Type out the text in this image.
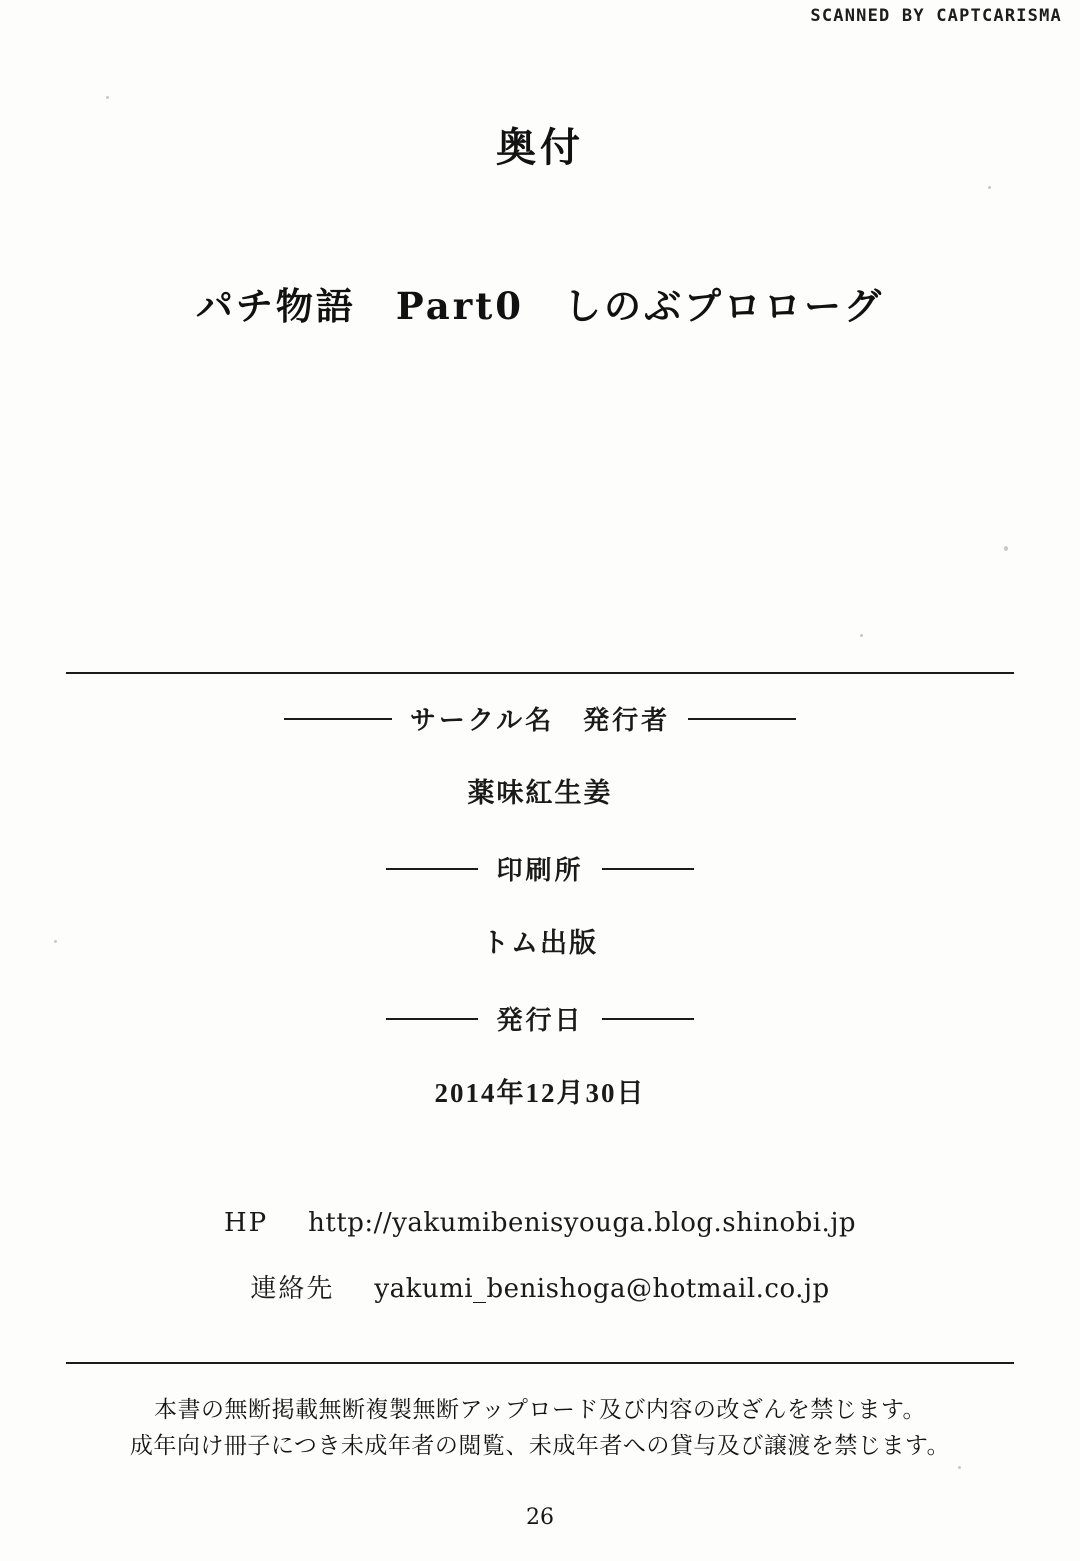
SCANNED BY CAPTCARISMA
奥付
パチ物語　Part0　しのぶプロローグ
サークル名　発行者
薬味紅生姜
印刷所
トム出版
発行日
2014年12月30日
HP http://yakumibenisyouga.blog.shinobi.jp
連絡先 yakumi_benishoga@hotmail.co.jp
本書の無断掲載無断複製無断アップロード及び内容の改ざんを禁じます。
成年向け冊子につき未成年者の閲覧、未成年者への貸与及び譲渡を禁じます。
26
